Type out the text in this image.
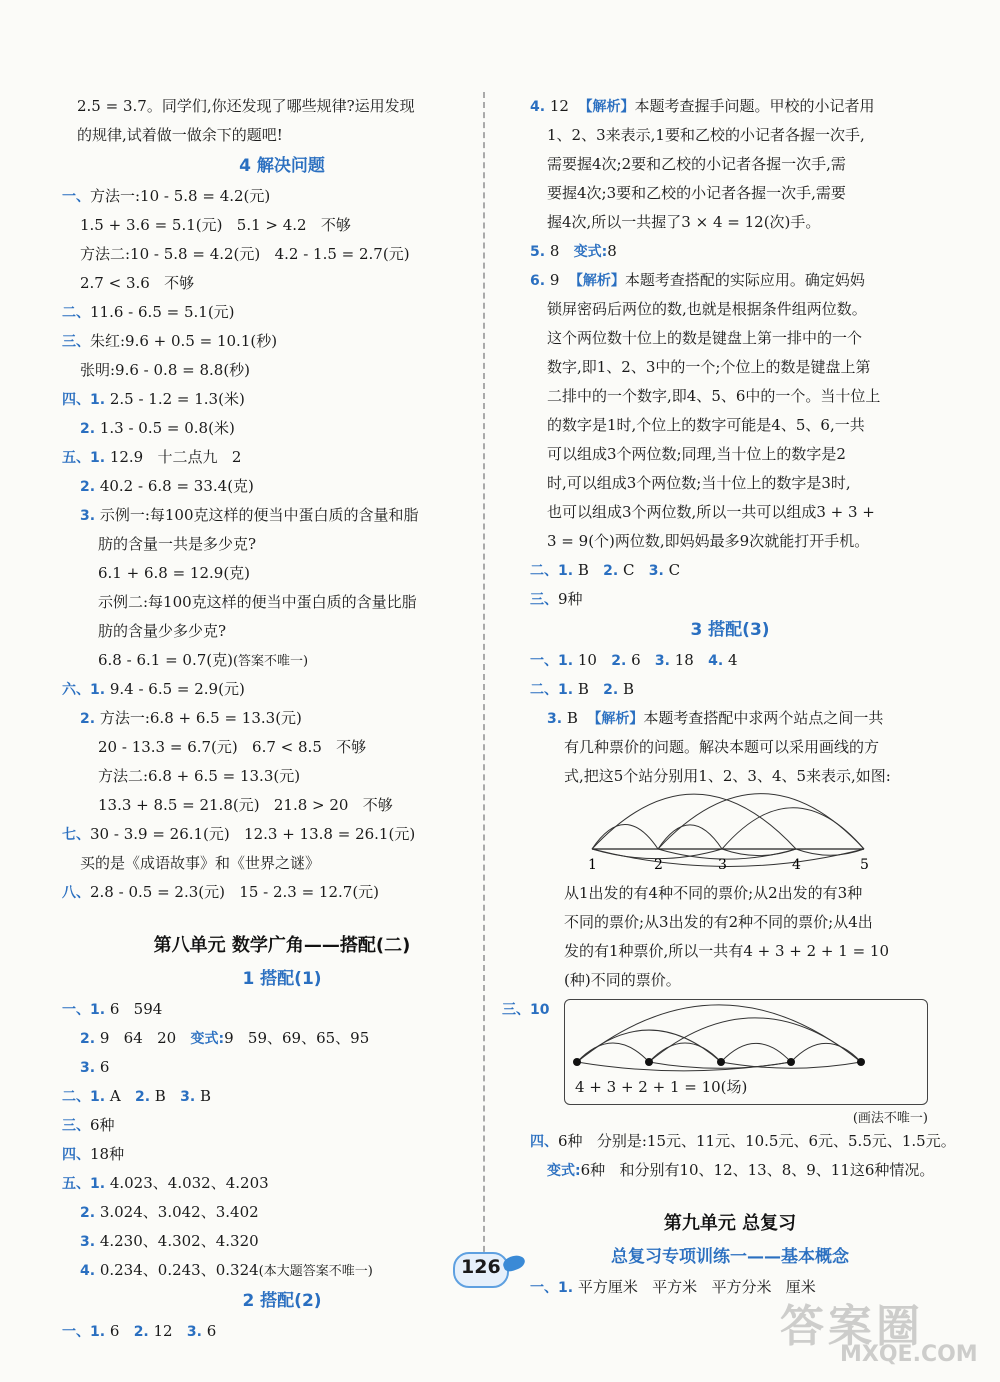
2.5 = 3.7。同学们,你还发现了哪些规律?运用发现
的规律,试着做一做余下的题吧!
4 解决问题
一、方法一:10 - 5.8 = 4.2(元)
1.5 + 3.6 = 5.1(元)   5.1 > 4.2   不够
方法二:10 - 5.8 = 4.2(元)   4.2 - 1.5 = 2.7(元)
2.7 < 3.6   不够
二、11.6 - 6.5 = 5.1(元)
三、朱红:9.6 + 0.5 = 10.1(秒)
张明:9.6 - 0.8 = 8.8(秒)
四、1. 2.5 - 1.2 = 1.3(米)
2. 1.3 - 0.5 = 0.8(米)
五、1. 12.9   十二点九   2
2. 40.2 - 6.8 = 33.4(克)
3. 示例一:每100克这样的便当中蛋白质的含量和脂
肪的含量一共是多少克?
6.1 + 6.8 = 12.9(克)
示例二:每100克这样的便当中蛋白质的含量比脂
肪的含量少多少克?
6.8 - 6.1 = 0.7(克)(答案不唯一)
六、1. 9.4 - 6.5 = 2.9(元)
2. 方法一:6.8 + 6.5 = 13.3(元)
20 - 13.3 = 6.7(元)   6.7 < 8.5   不够
方法二:6.8 + 6.5 = 13.3(元)
13.3 + 8.5 = 21.8(元)   21.8 > 20   不够
七、30 - 3.9 = 26.1(元)   12.3 + 13.8 = 26.1(元)
买的是《成语故事》和《世界之谜》
八、2.8 - 0.5 = 2.3(元)   15 - 2.3 = 12.7(元)
第八单元 数学广角——搭配(二)
1 搭配(1)
一、1. 6   594
2. 9   64   20   变式:9   59、69、65、95
3. 6
二、1. A   2. B   3. B
三、6种
四、18种
五、1. 4.023、4.032、4.203
2. 3.024、3.042、3.402
3. 4.230、4.302、4.320
4. 0.234、0.243、0.324(本大题答案不唯一)
2 搭配(2)
一、1. 6   2. 12   3. 6
4. 12  【解析】本题考查握手问题。甲校的小记者用
1、2、3来表示,1要和乙校的小记者各握一次手,
需要握4次;2要和乙校的小记者各握一次手,需
要握4次;3要和乙校的小记者各握一次手,需要
握4次,所以一共握了3 × 4 = 12(次)手。
5. 8   变式:8
6. 9  【解析】本题考查搭配的实际应用。确定妈妈
锁屏密码后两位的数,也就是根据条件组两位数。
这个两位数十位上的数是键盘上第一排中的一个
数字,即1、2、3中的一个;个位上的数是键盘上第
二排中的一个数字,即4、5、6中的一个。当十位上
的数字是1时,个位上的数字可能是4、5、6,一共
可以组成3个两位数;同理,当十位上的数字是2
时,可以组成3个两位数;当十位上的数字是3时,
也可以组成3个两位数,所以一共可以组成3 + 3 +
3 = 9(个)两位数,即妈妈最多9次就能打开手机。
二、1. B   2. C   3. C
三、9种
3 搭配(3)
一、1. 10   2. 6   3. 18   4. 4
二、1. B   2. B
3. B  【解析】本题考查搭配中求两个站点之间一共
有几种票价的问题。解决本题可以采用画线的方
式,把这5个站分别用1、2、3、4、5来表示,如图:
1	2	3	4	5
从1出发的有4种不同的票价;从2出发的有3种
不同的票价;从3出发的有2种不同的票价;从4出
发的有1种票价,所以一共有4 + 3 + 2 + 1 = 10
(种)不同的票价。
三、10
4 + 3 + 2 + 1 = 10(场)
(画法不唯一)
四、6种   分别是:15元、11元、10.5元、6元、5.5元、1.5元。
变式:6种   和分别有10、12、13、8、9、11这6种情况。
第九单元 总复习
总复习专项训练一——基本概念
一、1. 平方厘米   平方米   平方分米   厘米
126
答案圈
MXQE.COM
